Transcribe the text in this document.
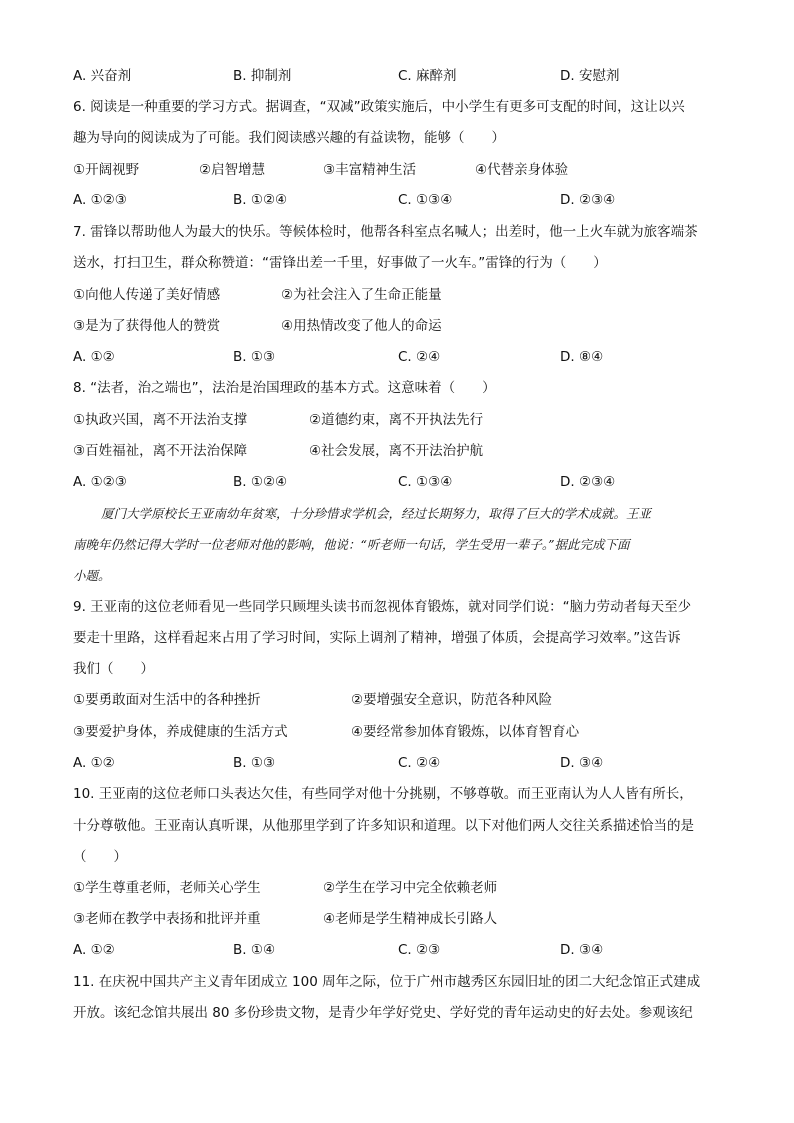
A. 兴奋剂	B. 抑制剂	C. 麻醉剂	D. 安慰剂
6. 阅读是一种重要的学习方式。据调查，“双减”政策实施后，中小学生有更多可支配的时间，这让以兴
趣为导向的阅读成为了可能。我们阅读感兴趣的有益读物，能够（　　）
①开阔视野	②启智增慧	③丰富精神生活	④代替亲身体验
A. ①②③	B. ①②④	C. ①③④	D. ②③④
7. 雷锋以帮助他人为最大的快乐。等候体检时，他帮各科室点名喊人；出差时，他一上火车就为旅客端茶
送水，打扫卫生，群众称赞道：“雷锋出差一千里，好事做了一火车。”雷锋的行为（　　）
①向他人传递了美好情感	②为社会注入了生命正能量
③是为了获得他人的赞赏	④用热情改变了他人的命运
A. ①②	B. ①③	C. ②④	D. ⑧④
8. “法者，治之端也”，法治是治国理政的基本方式。这意味着（　　）
①执政兴国，离不开法治支撑	②道德约束，离不开执法先行
③百姓福祉，离不开法治保障	④社会发展，离不开法治护航
A. ①②③	B. ①②④	C. ①③④	D. ②③④
厦门大学原校长王亚南幼年贫寒，十分珍惜求学机会，经过长期努力，取得了巨大的学术成就。王亚
南晚年仍然记得大学时一位老师对他的影响，他说：“听老师一句话，学生受用一辈子。”据此完成下面
小题。
9. 王亚南的这位老师看见一些同学只顾埋头读书而忽视体育锻炼，就对同学们说：“脑力劳动者每天至少
要走十里路，这样看起来占用了学习时间，实际上调剂了精神，增强了体质，会提高学习效率。”这告诉
我们（　　）
①要勇敢面对生活中的各种挫折	②要增强安全意识，防范各种风险
③要爱护身体，养成健康的生活方式	④要经常参加体育锻炼，以体育智育心
A. ①②	B. ①③	C. ②④	D. ③④
10. 王亚南的这位老师口头表达欠佳，有些同学对他十分挑剔，不够尊敬。而王亚南认为人人皆有所长，
十分尊敬他。王亚南认真听课，从他那里学到了许多知识和道理。以下对他们两人交往关系描述恰当的是
（　　）
①学生尊重老师，老师关心学生	②学生在学习中完全依赖老师
③老师在教学中表扬和批评并重	④老师是学生精神成长引路人
A. ①②	B. ①④	C. ②③	D. ③④
11. 在庆祝中国共产主义青年团成立 100 周年之际，位于广州市越秀区东园旧址的团二大纪念馆正式建成
开放。该纪念馆共展出 80 多份珍贵文物，是青少年学好党史、学好党的青年运动史的好去处。参观该纪
